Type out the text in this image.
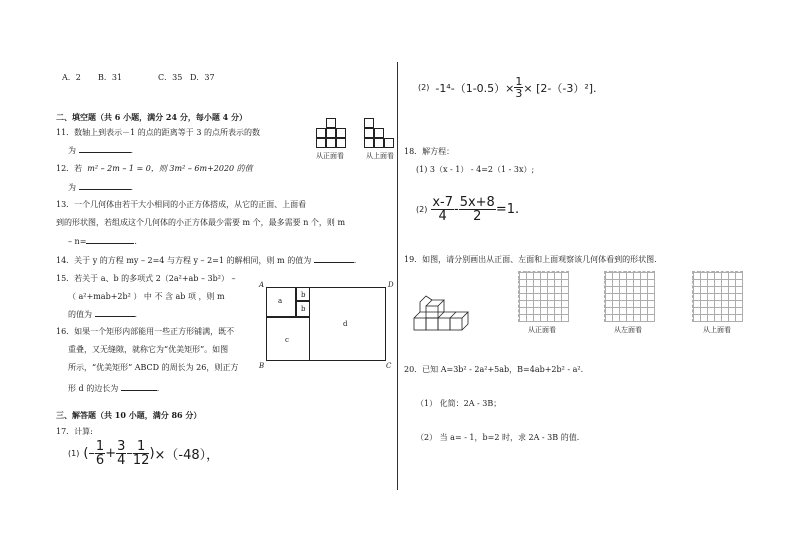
A．2 B．31	C．35 D．37
二、填空题（共 6 小题，满分 24 分，每小题 4 分）
11．数轴上到表示－1 的点的距离等于 3 的点所表示的数
为	.
12．若 m² – 2m – 1 = 0，则 3m² – 6m+2020 的值
为	.
13．一个几何体由若干大小相同的小正方体搭成，从它的正面、上面看
到的形状图，若组成这个几何体的小正方体最少需要 m 个，最多需要 n 个，则 m
– n=	.
14．关于 y 的方程 my – 2=4 与方程 y – 2=1 的解相同，则 m 的值为	.
15．若关于 a、b 的多项式 2（2a²+ab – 3b²） –
（ a²+mab+2b² ） 中 不 含 ab 项 ，则 m
的值为	.
16．如果一个矩形内部能用一些正方形铺满，既不
重叠，又无缝隙，就称它为“优美矩形”。如图
所示，“优美矩形” ABCD 的周长为 26，则正方
形 d 的边长为	.
从正面看	从上面看
a
b
b
c
d
A	D
B	C
三、解答题（共 10 小题，满分 86 分）
17．计算:
(1) (– $\frac{1}{6} + \frac{3}{4} - \frac{1}{12}$ ) ×（-48），
(2) $-1^4-(1-0.5)\times \frac{1}{3} \times [2-(-3)^2]$.
18．解方程：
(1) 3（x - 1） - 4=2（1 - 3x）;
$(2) \frac{x-7}{4} - \frac{5x+8}{2} =1$.
19．如图，请分别画出从正面、左面和上面观察该几何体看到的形状图．
从正面看	从左面看	从上面看
20．已知 A=3b² - 2a²+5ab，B=4ab+2b² - a².
（1） 化简：2A - 3B；
（2） 当 a= - 1，b=2 时，求 2A - 3B 的值.
